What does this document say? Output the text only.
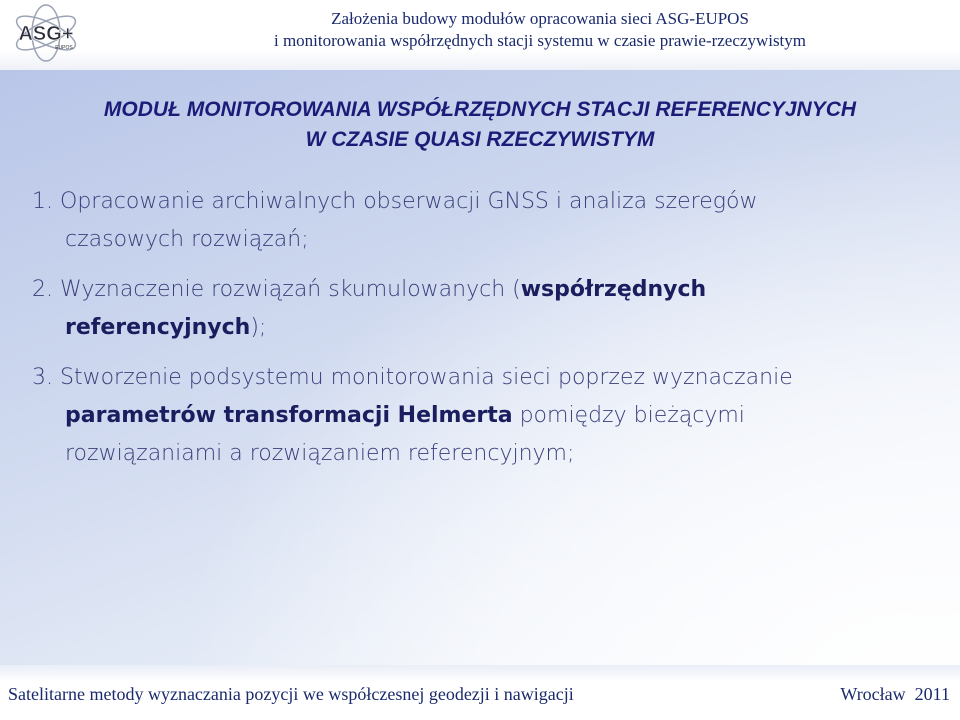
ASG+
EUPOS
Założenia budowy modułów opracowania sieci ASG-EUPOS
i monitorowania współrzędnych stacji systemu w czasie prawie-rzeczywistym
MODUŁ MONITOROWANIA WSPÓŁRZĘDNYCH STACJI REFERENCYJNYCH
W CZASIE QUASI RZECZYWISTYM
1. Opracowanie archiwalnych obserwacji GNSS i analiza szeregów
czasowych rozwiązań;
2. Wyznaczenie rozwiązań skumulowanych (współrzędnych
referencyjnych);
3. Stworzenie podsystemu monitorowania sieci poprzez wyznaczanie
parametrów transformacji Helmerta pomiędzy bieżącymi
rozwiązaniami a rozwiązaniem referencyjnym;
Satelitarne metody wyznaczania pozycji we współczesnej geodezji i nawigacji	Wrocław  2011
